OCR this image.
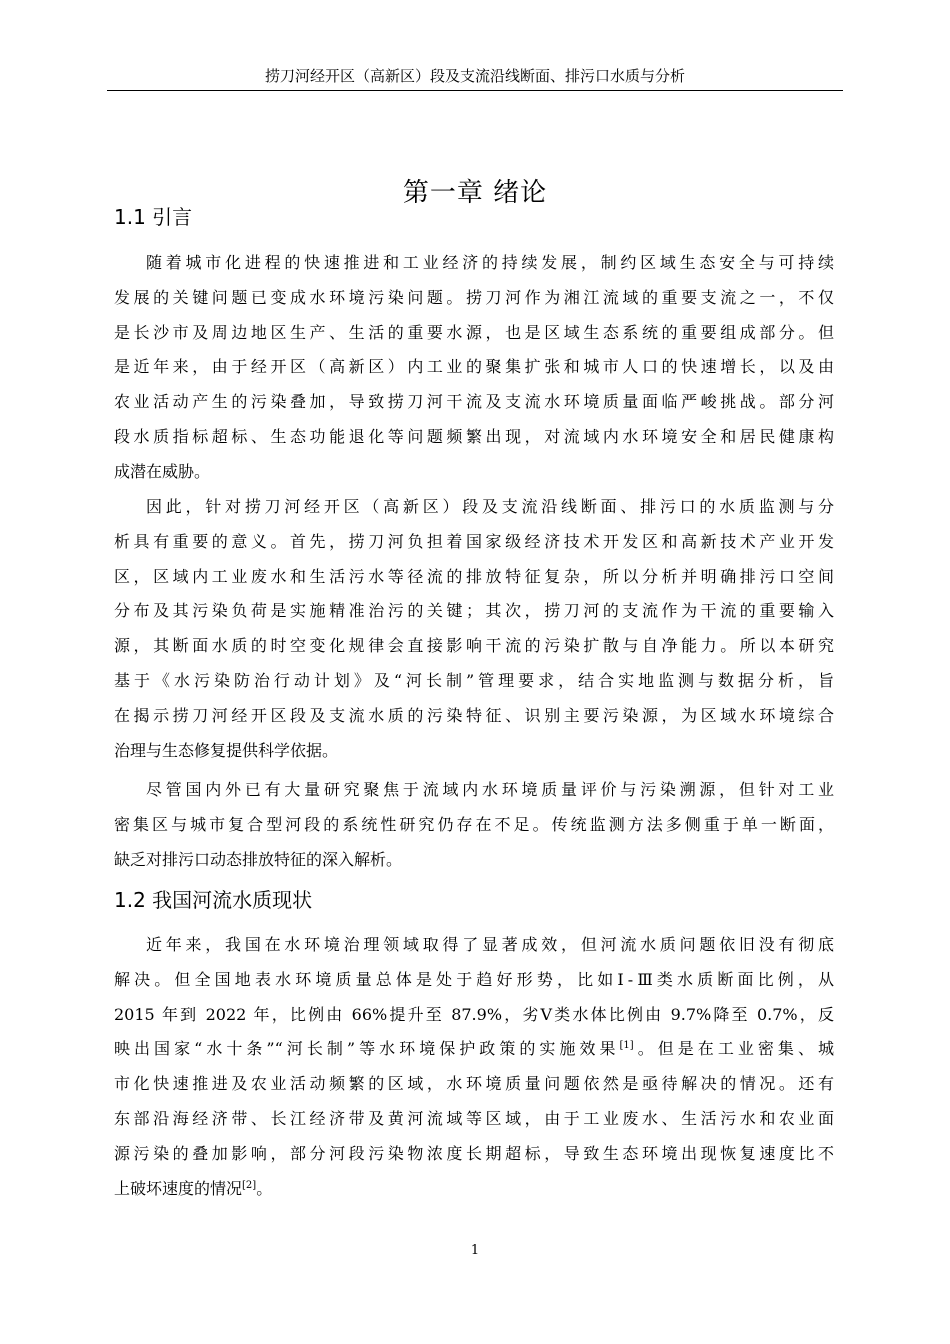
捞刀河经开区（高新区）段及支流沿线断面、排污口水质与分析
第一章 绪论
1.1 引言
随着城市化进程的快速推进和工业经济的持续发展，制约区域生态安全与可持续
发展的关键问题已变成水环境污染问题。捞刀河作为湘江流域的重要支流之一，不仅
是长沙市及周边地区生产、生活的重要水源，也是区域生态系统的重要组成部分。但
是近年来，由于经开区（高新区）内工业的聚集扩张和城市人口的快速增长，以及由
农业活动产生的污染叠加，导致捞刀河干流及支流水环境质量面临严峻挑战。部分河
段水质指标超标、生态功能退化等问题频繁出现，对流域内水环境安全和居民健康构
成潜在威胁。
因此，针对捞刀河经开区（高新区）段及支流沿线断面、排污口的水质监测与分
析具有重要的意义。首先，捞刀河负担着国家级经济技术开发区和高新技术产业开发
区，区域内工业废水和生活污水等径流的排放特征复杂，所以分析并明确排污口空间
分布及其污染负荷是实施精准治污的关键；其次，捞刀河的支流作为干流的重要输入
源，其断面水质的时空变化规律会直接影响干流的污染扩散与自净能力。所以本研究
基于《水污染防治行动计划》及“河长制”管理要求，结合实地监测与数据分析，旨
在揭示捞刀河经开区段及支流水质的污染特征、识别主要污染源，为区域水环境综合
治理与生态修复提供科学依据。
尽管国内外已有大量研究聚焦于流域内水环境质量评价与污染溯源，但针对工业
密集区与城市复合型河段的系统性研究仍存在不足。传统监测方法多侧重于单一断面，
缺乏对排污口动态排放特征的深入解析。
1.2 我国河流水质现状
近年来，我国在水环境治理领域取得了显著成效，但河流水质问题依旧没有彻底
解决。但全国地表水环境质量总体是处于趋好形势，比如Ⅰ-Ⅲ类水质断面比例，从
2015 年到 2022 年，比例由 66%提升至 87.9%，劣Ⅴ类水体比例由 9.7%降至 0.7%，反
映出国家“水十条”“河长制”等水环境保护政策的实施效果[1]。但是在工业密集、城
市化快速推进及农业活动频繁的区域，水环境质量问题依然是亟待解决的情况。还有
东部沿海经济带、长江经济带及黄河流域等区域，由于工业废水、生活污水和农业面
源污染的叠加影响，部分河段污染物浓度长期超标，导致生态环境出现恢复速度比不
上破坏速度的情况[2]。
1
